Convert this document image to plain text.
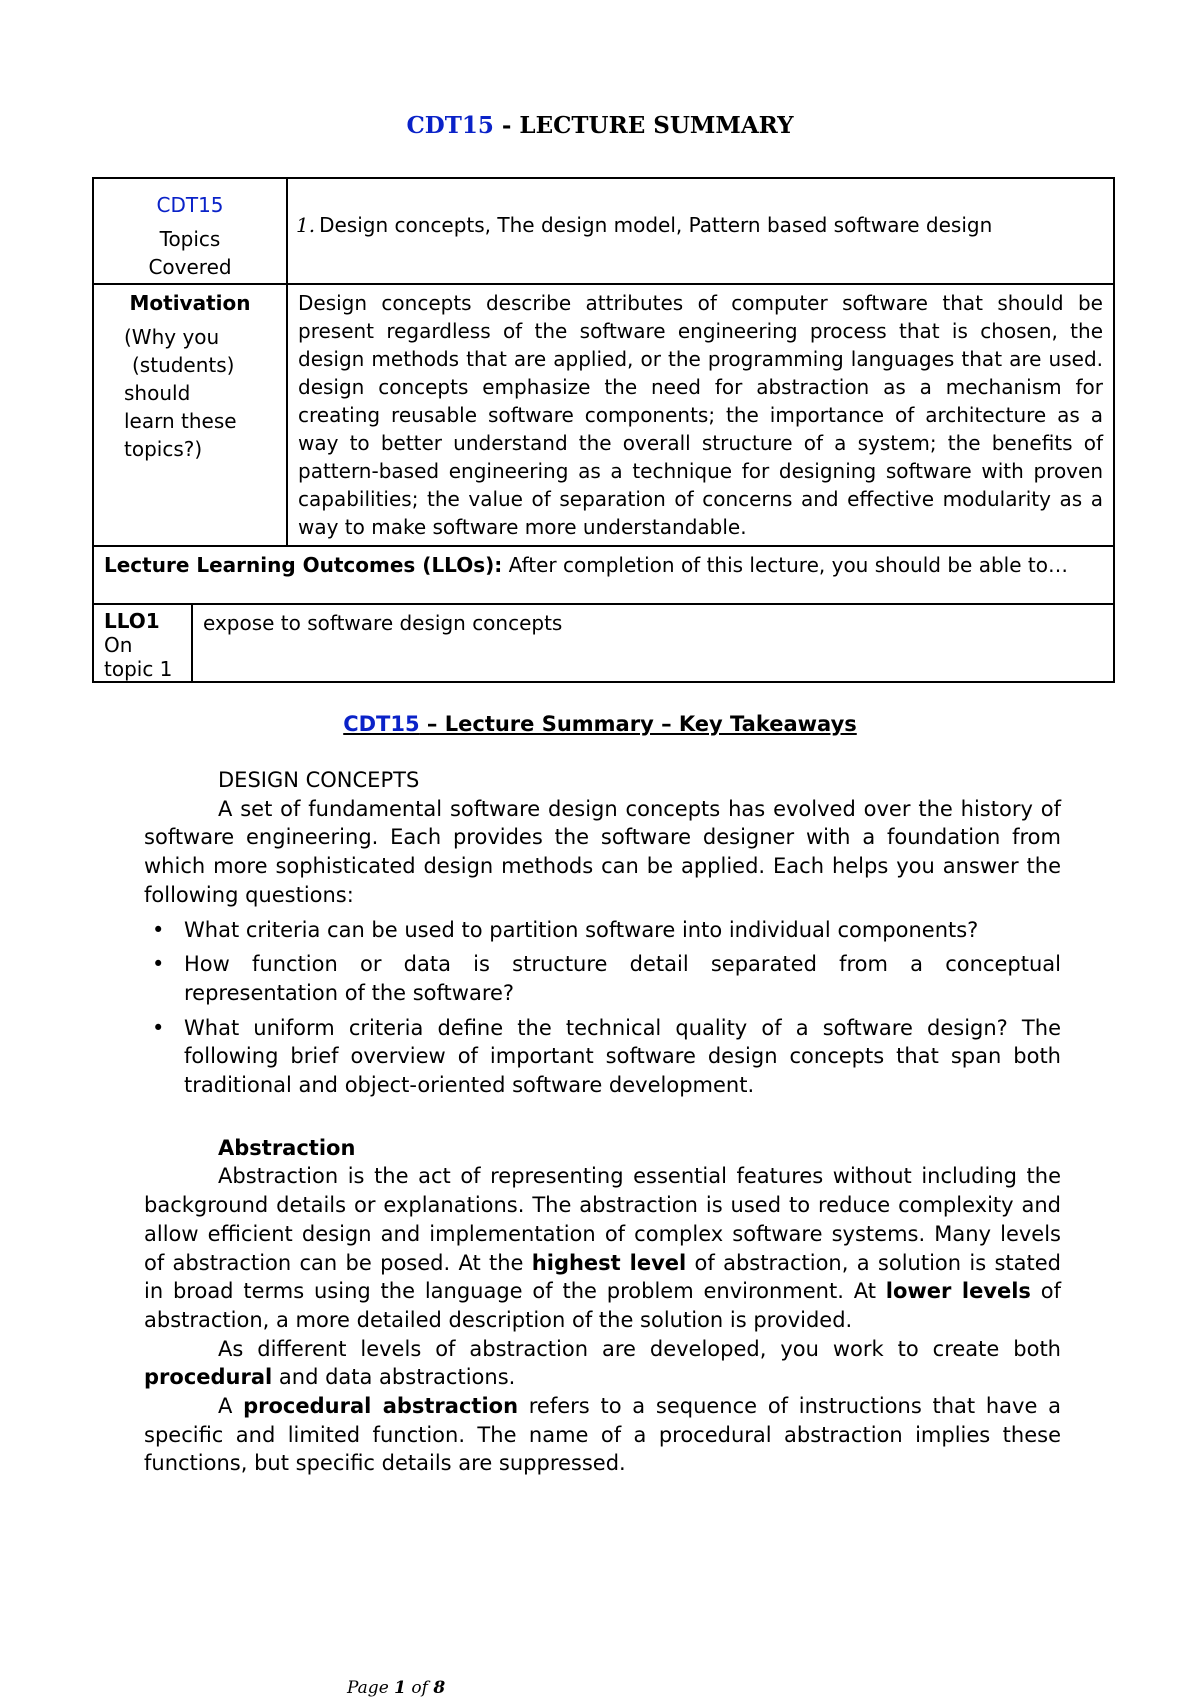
CDT15 - LECTURE SUMMARY
CDT15
Topics
Covered
	1. Design concepts, The design model, Pattern based software design

Motivation
(Why you
(students)
should
learn these
topics?)
	Design concepts describe attributes of computer software that should be present regardless of the software engineering process that is chosen, the design methods that are applied, or the programming languages that are used. design concepts emphasize the need for abstraction as a mechanism for creating reusable software components; the importance of architecture as a way to better understand the overall structure of a system; the benefits of pattern-based engineering as a technique for designing software with proven capabilities; the value of separation of concerns and effective modularity as a way to make software more understandable.
Lecture Learning Outcomes (LLOs): After completion of this lecture, you should be able to…

LLO1
On
topic 1
	expose to software design concepts
CDT15 – Lecture Summary – Key Takeaways

DESIGN CONCEPTS

A set of fundamental software design concepts has evolved over the history of software engineering. Each provides the software designer with a foundation from which more sophisticated design methods can be applied. Each helps you answer the following questions:

• What criteria can be used to partition software into individual components?
• How function or data is structure detail separated from a conceptual representation of the software?
• What uniform criteria define the technical quality of a software design? The following brief overview of important software design concepts that span both traditional and object-oriented software development.

Abstraction

Abstraction is the act of representing essential features without including the background details or explanations. The abstraction is used to reduce complexity and allow efficient design and implementation of complex software systems. Many levels of abstraction can be posed. At the highest level of abstraction, a solution is stated in broad terms using the language of the problem environment. At lower levels of abstraction, a more detailed description of the solution is provided.

As different levels of abstraction are developed, you work to create both procedural and data abstractions.

A procedural abstraction refers to a sequence of instructions that have a specific and limited function. The name of a procedural abstraction implies these functions, but specific details are suppressed.

Page 1 of 8
